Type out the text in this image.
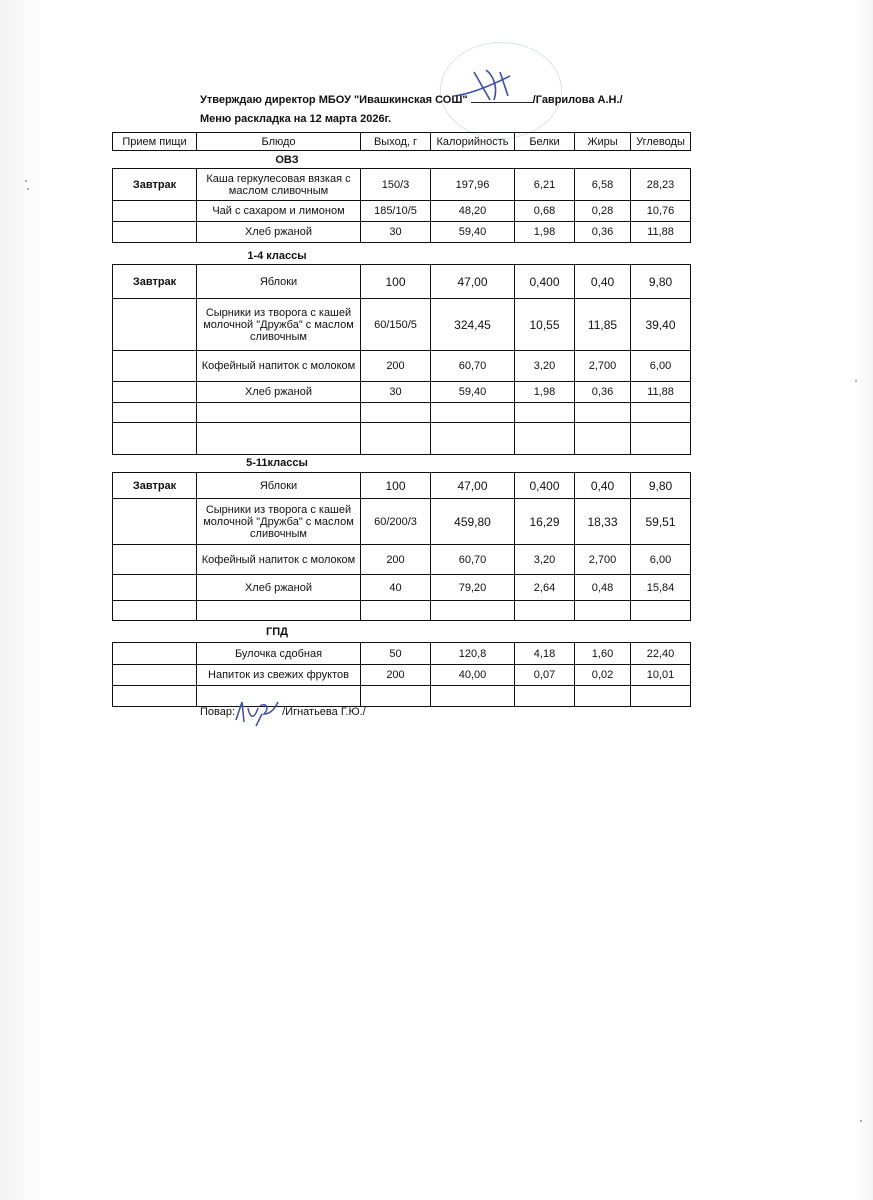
Утверждаю директор МБОУ "Ивашкинская СОШ"	/Гаврилова А.Н./
Меню раскладка на 12 марта 2026г.
Прием пищи	Блюдо	Выход, г	Калорийность	Белки	Жиры	Углеводы
ОВЗ
Завтрак	Каша геркулесовая вязкая с маслом сливочным	150/3	197,96	6,21	6,58	28,23
	Чай с сахаром и лимоном	185/10/5	48,20	0,68	0,28	10,76
	Хлеб ржаной	30	59,40	1,98	0,36	11,88
1-4 классы
Завтрак	Яблоки	100	47,00	0,400	0,40	9,80
	Сырники из творога с кашей молочной "Дружба" с маслом сливочным	60/150/5	324,45	10,55	11,85	39,40
	Кофейный напиток с молоком	200	60,70	3,20	2,700	6,00
	Хлеб ржаной	30	59,40	1,98	0,36	11,88

5-11классы
Завтрак	Яблоки	100	47,00	0,400	0,40	9,80
	Сырники из творога с кашей молочной "Дружба" с маслом сливочным	60/200/3	459,80	16,29	18,33	59,51
	Кофейный напиток с молоком	200	60,70	3,20	2,700	6,00
	Хлеб ржаной	40	79,20	2,64	0,48	15,84

ГПД
	Булочка сдобная	50	120,8	4,18	1,60	22,40
	Напиток из свежих фруктов	200	40,00	0,07	0,02	10,01

Повар:	/Игнатьева Г.Ю./
